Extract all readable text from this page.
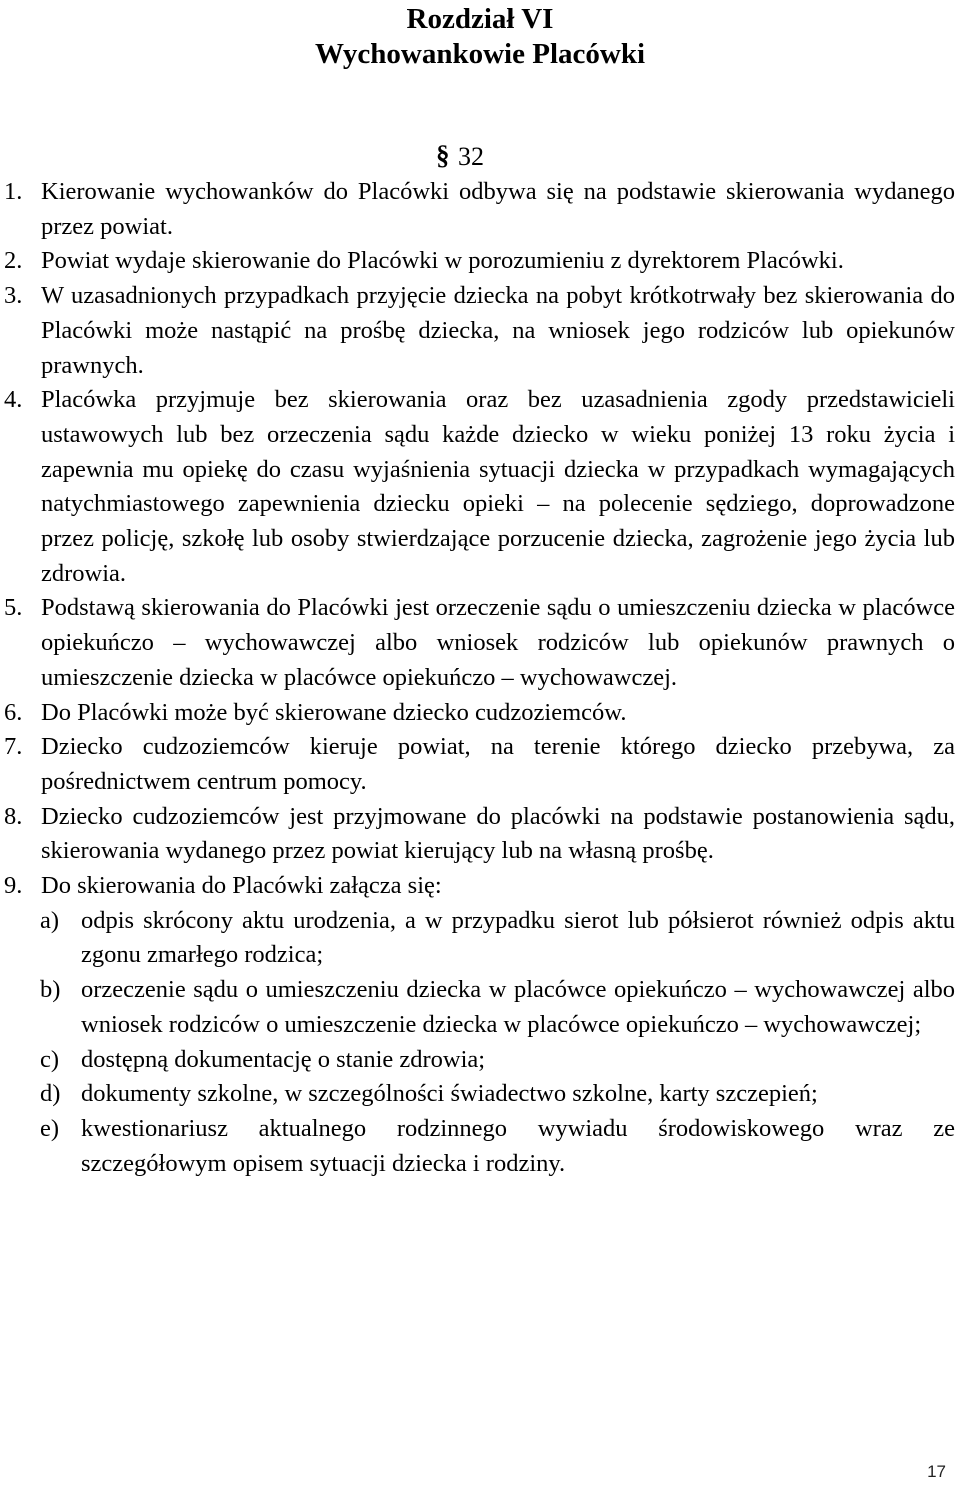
Rozdział VI
Wychowankowie Placówki
§ 32
1. Kierowanie wychowanków do Placówki odbywa się na podstawie skierowania wydanego przez powiat.
2. Powiat wydaje skierowanie do Placówki w porozumieniu z dyrektorem Placówki.
3. W uzasadnionych przypadkach przyjęcie dziecka na pobyt krótkotrwały bez skierowania do Placówki może nastąpić na prośbę dziecka, na wniosek jego rodziców lub opiekunów prawnych.
4. Placówka przyjmuje bez skierowania oraz bez uzasadnienia zgody przedstawicieli ustawowych lub bez orzeczenia sądu każde dziecko w wieku poniżej 13 roku życia i zapewnia mu opiekę do czasu wyjaśnienia sytuacji dziecka w przypadkach wymagających natychmiastowego zapewnienia dziecku opieki – na polecenie sędziego, doprowadzone przez policję, szkołę lub osoby stwierdzające porzucenie dziecka, zagrożenie jego życia lub zdrowia.
5. Podstawą skierowania do Placówki jest orzeczenie sądu o umieszczeniu dziecka w placówce opiekuńczo – wychowawczej albo wniosek rodziców lub opiekunów prawnych o umieszczenie dziecka w placówce opiekuńczo – wychowawczej.
6. Do Placówki może być skierowane dziecko cudzoziemców.
7. Dziecko cudzoziemców kieruje powiat, na terenie którego dziecko przebywa, za pośrednictwem centrum pomocy.
8. Dziecko cudzoziemców jest przyjmowane do placówki na podstawie postanowienia sądu, skierowania wydanego przez powiat kierujący lub na własną prośbę.
9. Do skierowania do Placówki załącza się:
a) odpis skrócony aktu urodzenia, a w przypadku sierot lub półsierot również odpis aktu zgonu zmarłego rodzica;
b) orzeczenie sądu o umieszczeniu dziecka w placówce opiekuńczo – wychowawczej albo wniosek rodziców o umieszczenie dziecka w placówce opiekuńczo – wychowawczej;
c) dostępną dokumentację o stanie zdrowia;
d) dokumenty szkolne, w szczególności świadectwo szkolne, karty szczepień;
e) kwestionariusz aktualnego rodzinnego wywiadu środowiskowego wraz ze szczegółowym opisem sytuacji dziecka i rodziny.
17
